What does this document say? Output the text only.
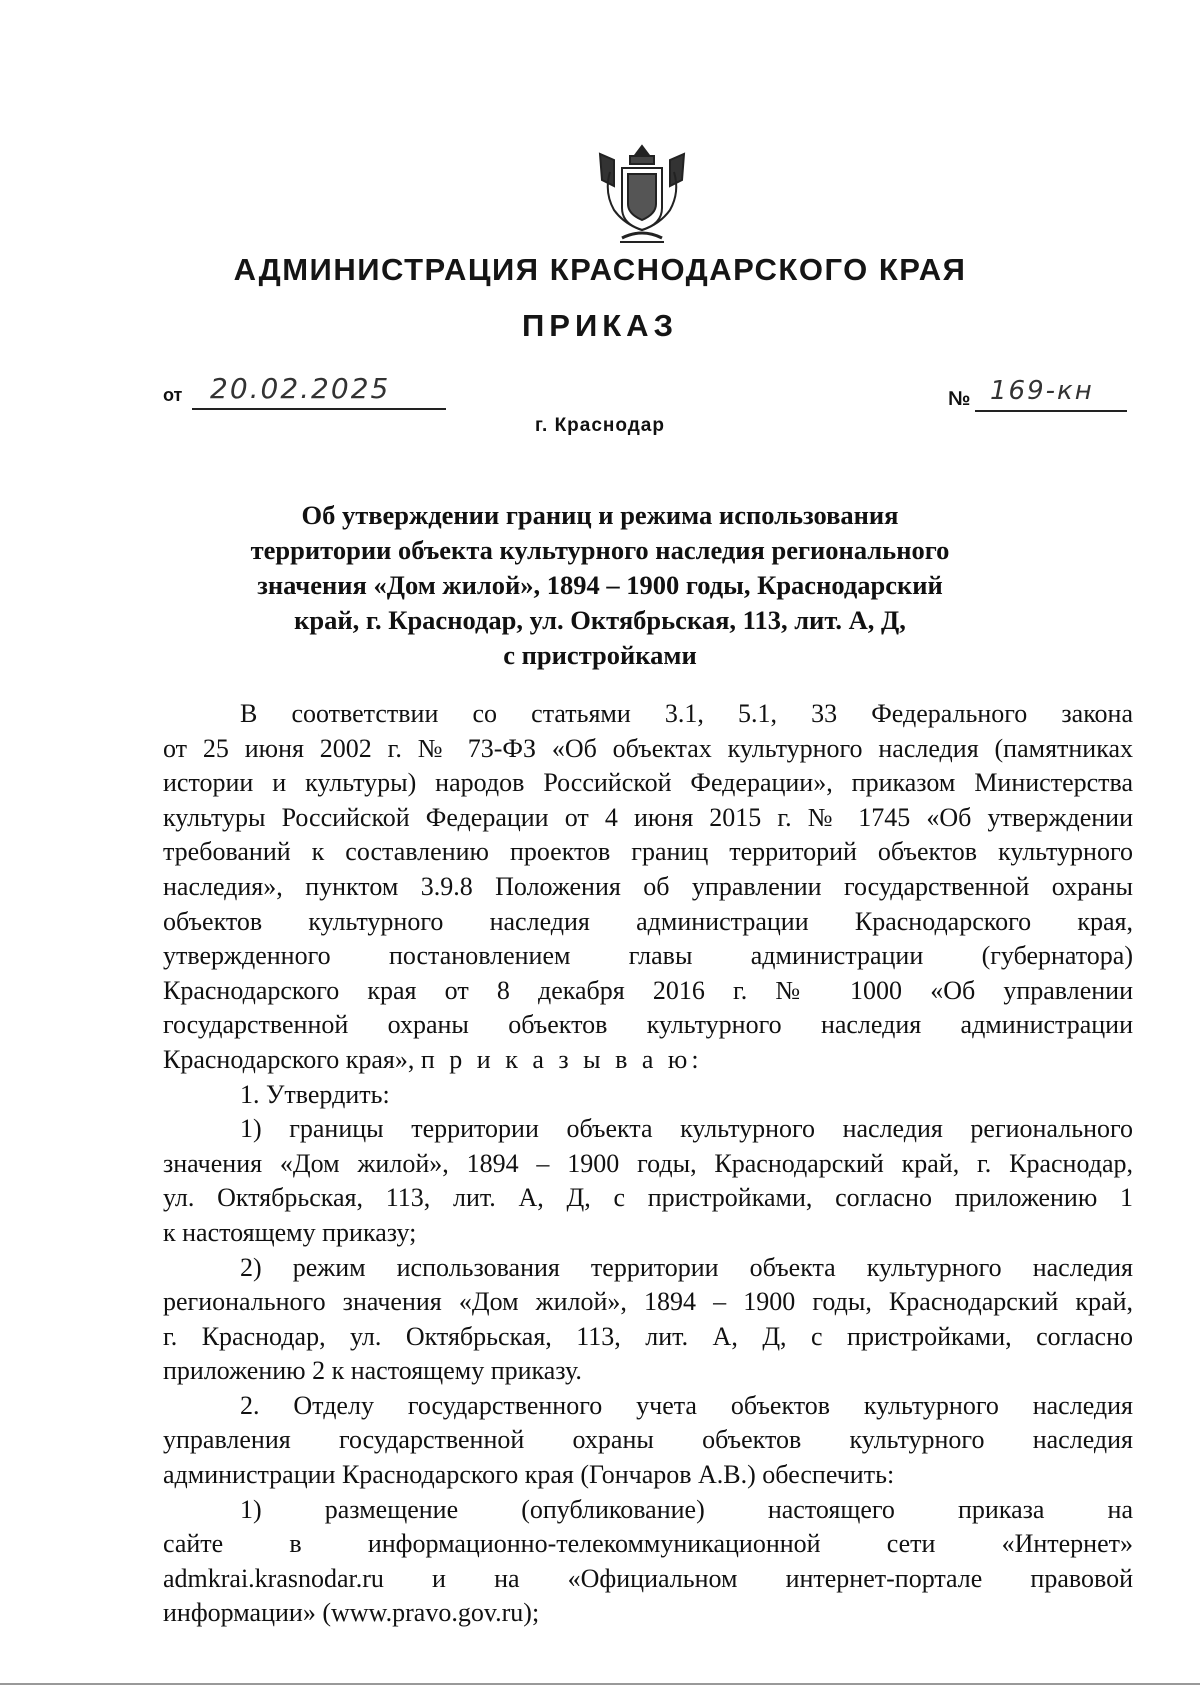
АДМИНИСТРАЦИЯ КРАСНОДАРСКОГО КРАЯ
ПРИКАЗ
от 20.02.2025	№ 169-кн
г. Краснодар
Об утверждении границ и режима использования
территории объекта культурного наследия регионального
значения «Дом жилой», 1894 – 1900 годы, Краснодарский
край, г. Краснодар, ул. Октябрьская, 113, лит. А, Д,
с пристройками
В соответствии со статьями 3.1, 5.1, 33 Федерального закона
от 25 июня 2002 г. № 73-ФЗ «Об объектах культурного наследия (памятниках
истории и культуры) народов Российской Федерации», приказом Министерства
культуры Российской Федерации от 4 июня 2015 г. № 1745 «Об утверждении
требований к составлению проектов границ территорий объектов культурного
наследия», пунктом 3.9.8 Положения об управлении государственной охраны
объектов культурного наследия администрации Краснодарского края,
утвержденного постановлением главы администрации (губернатора)
Краснодарского края от 8 декабря 2016 г. № 1000 «Об управлении
государственной охраны объектов культурного наследия администрации
Краснодарского края», п р и к а з ы в а ю:
1. Утвердить:
1) границы территории объекта культурного наследия регионального
значения «Дом жилой», 1894 – 1900 годы, Краснодарский край, г. Краснодар,
ул. Октябрьская, 113, лит. А, Д, с пристройками, согласно приложению 1
к настоящему приказу;
2) режим использования территории объекта культурного наследия
регионального значения «Дом жилой», 1894 – 1900 годы, Краснодарский край,
г. Краснодар, ул. Октябрьская, 113, лит. А, Д, с пристройками, согласно
приложению 2 к настоящему приказу.
2. Отделу государственного учета объектов культурного наследия
управления государственной охраны объектов культурного наследия
администрации Краснодарского края (Гончаров А.В.) обеспечить:
1) размещение (опубликование) настоящего приказа на
сайте в информационно-телекоммуникационной сети «Интернет»
admkrai.krasnodar.ru и на «Официальном интернет-портале правовой
информации» (www.pravo.gov.ru);
